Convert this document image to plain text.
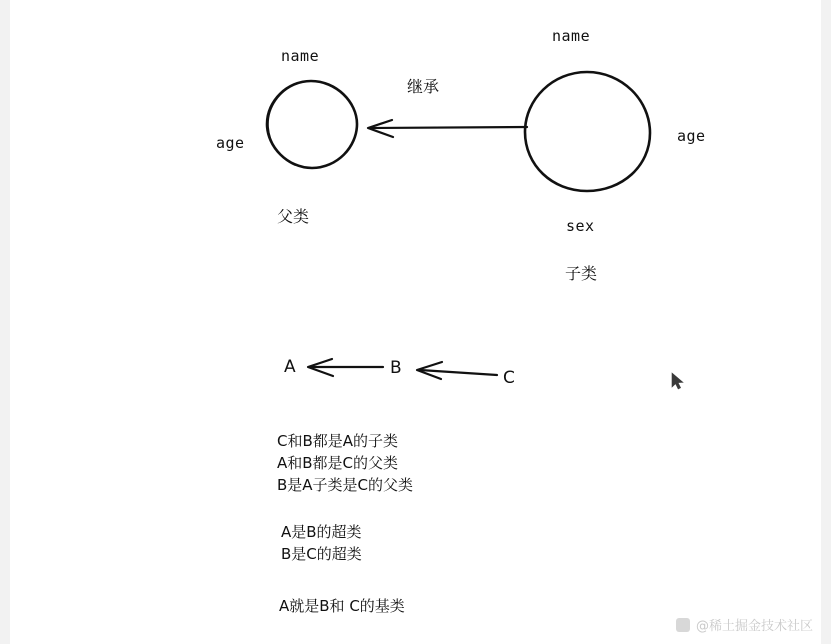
name
age
父类
name
age
sex
子类
继承
A	B	C
C和B都是A的子类
A和B都是C的父类
B是A子类是C的父类
A是B的超类
B是C的超类
A就是B和 C的基类
@稀土掘金技术社区
